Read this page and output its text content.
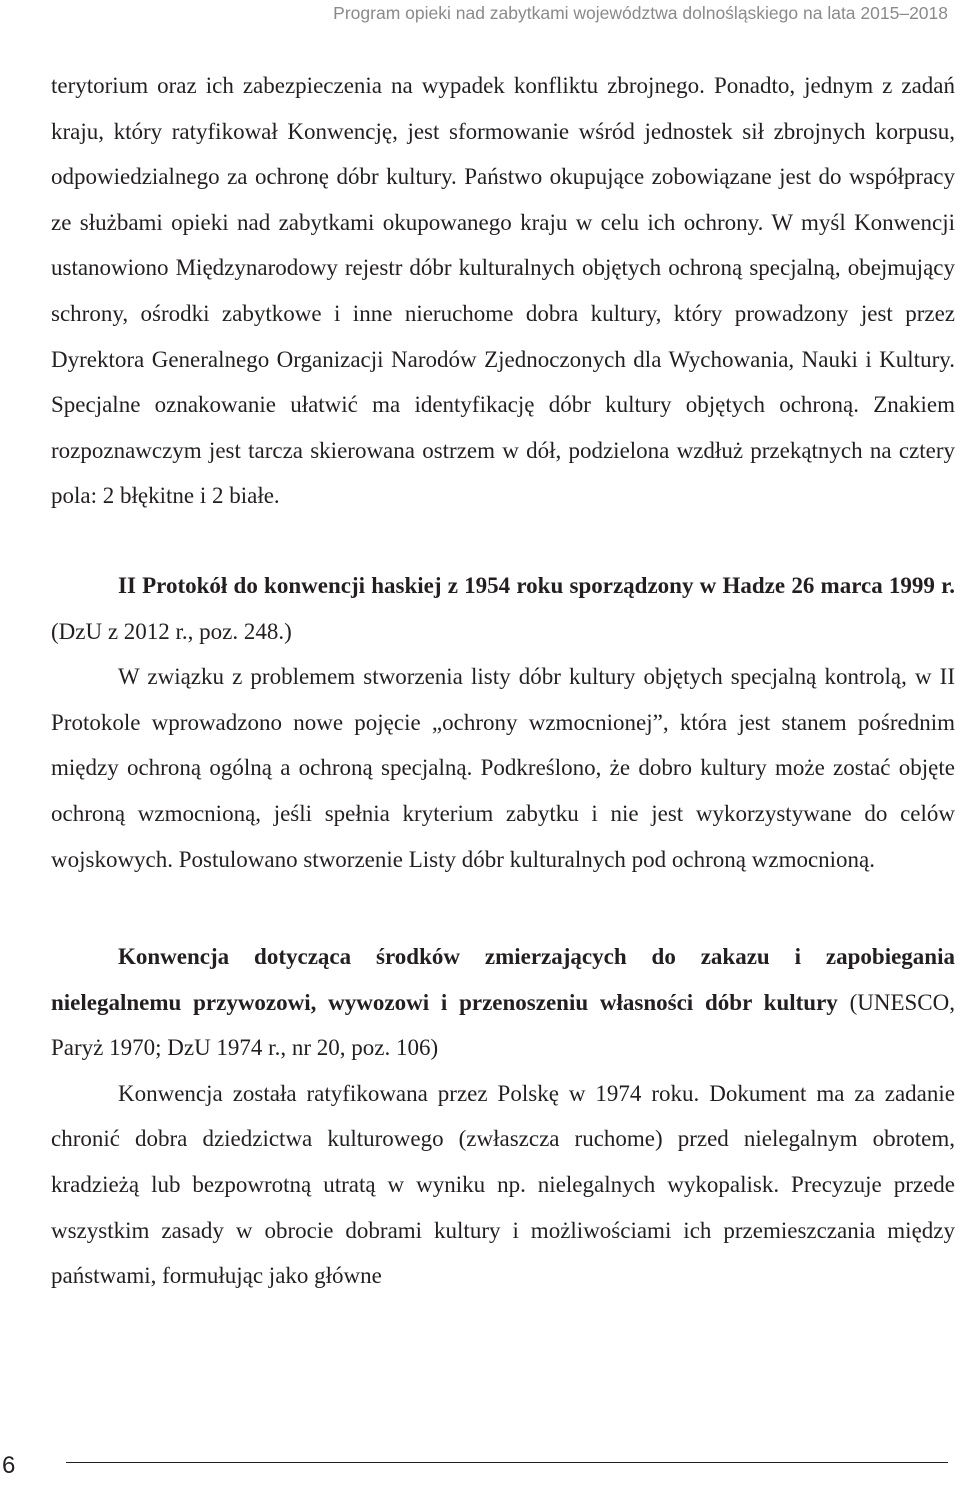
Program opieki nad zabytkami województwa dolnośląskiego na lata 2015–2018

terytorium oraz ich zabezpieczenia na wypadek konfliktu zbrojnego. Ponadto, jednym z zadań kraju, który ratyfikował Konwencję, jest sformowanie wśród jednostek sił zbrojnych korpusu, odpowiedzialnego za ochronę dóbr kultury. Państwo okupujące zobowiązane jest do współpracy ze służbami opieki nad zabytkami okupowanego kraju w celu ich ochrony. W myśl Konwencji ustanowiono Międzynarodowy rejestr dóbr kulturalnych objętych ochroną specjalną, obejmujący schrony, ośrodki zabytkowe i inne nieruchome dobra kultury, który prowadzony jest przez Dyrektora Generalnego Organizacji Narodów Zjednoczonych dla Wychowania, Nauki i Kultury. Specjalne oznakowanie ułatwić ma identyfikację dóbr kultury objętych ochroną. Znakiem rozpoznawczym jest tarcza skierowana ostrzem w dół, podzielona wzdłuż przekątnych na cztery pola: 2 błękitne i 2 białe.

II Protokół do konwencji haskiej z 1954 roku sporządzony w Hadze 26 marca 1999 r. (DzU z 2012 r., poz. 248.)

W związku z problemem stworzenia listy dóbr kultury objętych specjalną kontrolą, w II Protokole wprowadzono nowe pojęcie „ochrony wzmocnionej”, która jest stanem pośrednim między ochroną ogólną a ochroną specjalną. Podkreślono, że dobro kultury może zostać objęte ochroną wzmocnioną, jeśli spełnia kryterium zabytku i nie jest wykorzystywane do celów wojskowych. Postulowano stworzenie Listy dóbr kulturalnych pod ochroną wzmocnioną.

Konwencja dotycząca środków zmierzających do zakazu i zapobiegania nielegalnemu przywozowi, wywozowi i przenoszeniu własności dóbr kultury (UNESCO, Paryż 1970; DzU 1974 r., nr 20, poz. 106)

Konwencja została ratyfikowana przez Polskę w 1974 roku. Dokument ma za zadanie chronić dobra dziedzictwa kulturowego (zwłaszcza ruchome) przed nielegalnym obrotem, kradzieżą lub bezpowrotną utratą w wyniku np. nielegalnych wykopalisk. Precyzuje przede wszystkim zasady w obrocie dobrami kultury i możliwościami ich przemieszczania między państwami, formułując jako główne

6
